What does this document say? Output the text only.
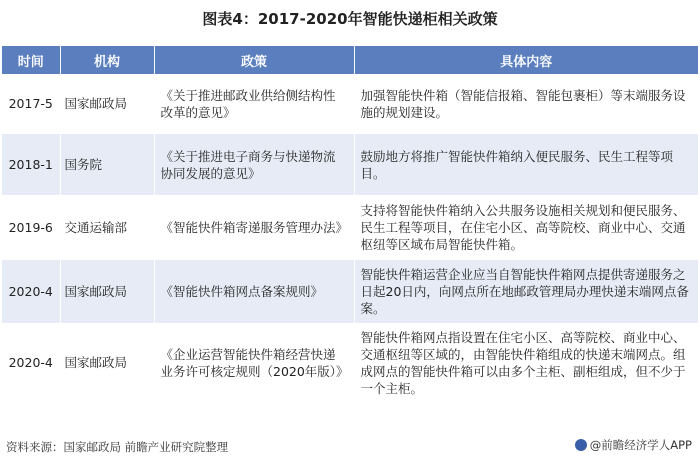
图表4：2017-2020年智能快递柜相关政策
时间	机构	政策	具体内容
2017-5	国家邮政局	《关于推进邮政业供给侧结构性改革的意见》	加强智能快件箱（智能信报箱、智能包裹柜）等末端服务设施的规划建设。
2018-1	国务院	《关于推进电子商务与快递物流协同发展的意见》	鼓励地方将推广智能快件箱纳入便民服务、民生工程等项目。
2019-6	交通运输部	《智能快件箱寄递服务管理办法》	支持将智能快件箱纳入公共服务设施相关规划和便民服务、民生工程等项目，在住宅小区、高等院校、商业中心、交通枢纽等区域布局智能快件箱。
2020-4	国家邮政局	《智能快件箱网点备案规则》	智能快件箱运营企业应当自智能快件箱网点提供寄递服务之日起20日内，向网点所在地邮政管理局办理快递末端网点备案。
2020-4	国家邮政局	《企业运营智能快件箱经营快递业务许可核定规则（2020年版）》	智能快件箱网点指设置在住宅小区、高等院校、商业中心、交通枢纽等区域的，由智能快件箱组成的快递末端网点。组成网点的智能快件箱可以由多个主柜、副柜组成，但不少于一个主柜。
资料来源：国家邮政局 前瞻产业研究院整理	@前瞻经济学人APP
